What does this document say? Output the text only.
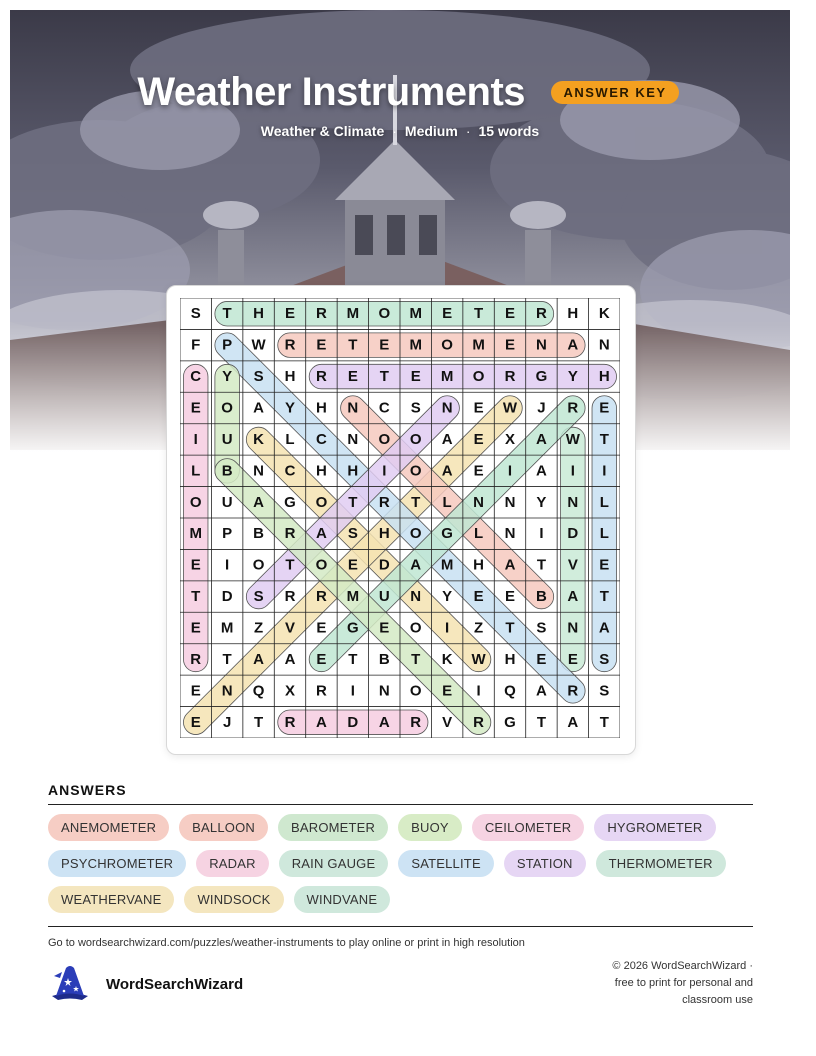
Weather Instruments	ANSWER KEY
Weather & Climate · Medium · 15 words
S T H E R M O M E T E R H K
F P W R E T E M O M E N A N
C Y S H R E T E M O R G Y H
E O A Y H N C S N E W J R E
I U K L C N O O A E X A W T
L B N C H H I O A E I A I I
O U A G O T R T L N N Y N L
M P B R A S H O G L N I D L
E I O T O E D A M H A T V E
T D S R R M U N Y E E B A T
E M Z V E G E O I Z T S N A
R T A A E T B T K W H E E S
E N Q X R I N O E I Q A R S
E J T R A D A R V R G T A T
ANSWERS
ANEMOMETER	BALLOON	BAROMETER	BUOY	CEILOMETER	HYGROMETERPSYCHROMETER	RADAR	RAIN GAUGE	SATELLITE	STATION	THERMOMETERWEATHERVANE	WINDSOCK	WINDVANE
Go to wordsearchwizard.com/puzzles/weather-instruments to play online or print in high resolution
WordSearchWizard
© 2026 WordSearchWizard ·
free to print for personal and
classroom use
